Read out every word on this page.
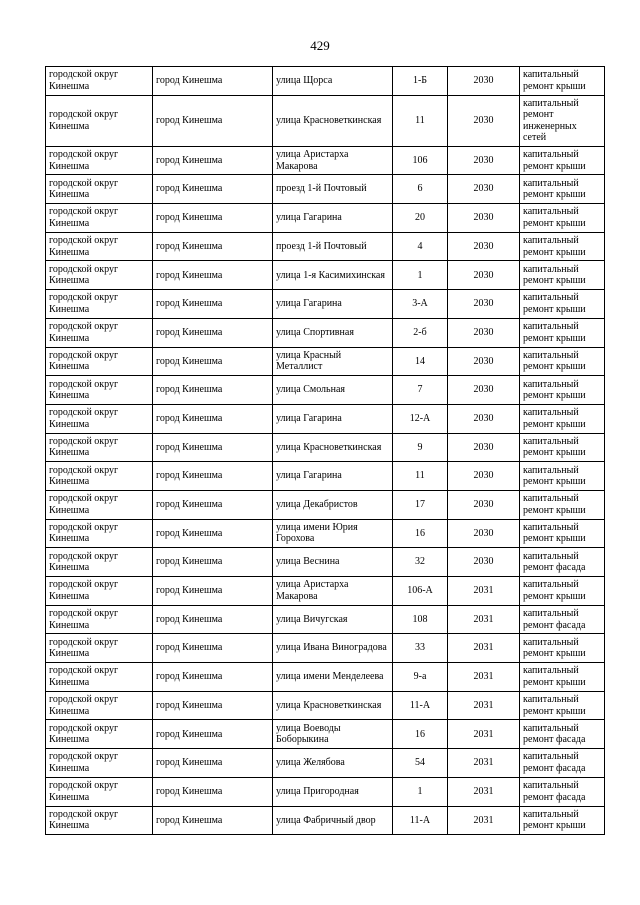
429
городской округ Кинешма	город Кинешма	улица Щорса	1-Б	2030	капитальный ремонт крыши
городской округ Кинешма	город Кинешма	улица Красноветкинская	11	2030	капитальный ремонт инженерных сетей
городской округ Кинешма	город Кинешма	улица Аристарха Макарова	106	2030	капитальный ремонт крыши
городской округ Кинешма	город Кинешма	проезд 1-й Почтовый	6	2030	капитальный ремонт крыши
городской округ Кинешма	город Кинешма	улица Гагарина	20	2030	капитальный ремонт крыши
городской округ Кинешма	город Кинешма	проезд 1-й Почтовый	4	2030	капитальный ремонт крыши
городской округ Кинешма	город Кинешма	улица 1-я Касимихинская	1	2030	капитальный ремонт крыши
городской округ Кинешма	город Кинешма	улица Гагарина	3-А	2030	капитальный ремонт крыши
городской округ Кинешма	город Кинешма	улица Спортивная	2-б	2030	капитальный ремонт крыши
городской округ Кинешма	город Кинешма	улица Красный Металлист	14	2030	капитальный ремонт крыши
городской округ Кинешма	город Кинешма	улица Смольная	7	2030	капитальный ремонт крыши
городской округ Кинешма	город Кинешма	улица Гагарина	12-А	2030	капитальный ремонт крыши
городской округ Кинешма	город Кинешма	улица Красноветкинская	9	2030	капитальный ремонт крыши
городской округ Кинешма	город Кинешма	улица Гагарина	11	2030	капитальный ремонт крыши
городской округ Кинешма	город Кинешма	улица Декабристов	17	2030	капитальный ремонт крыши
городской округ Кинешма	город Кинешма	улица имени Юрия Горохова	16	2030	капитальный ремонт крыши
городской округ Кинешма	город Кинешма	улица Веснина	32	2030	капитальный ремонт фасада
городской округ Кинешма	город Кинешма	улица Аристарха Макарова	106-А	2031	капитальный ремонт крыши
городской округ Кинешма	город Кинешма	улица Вичугская	108	2031	капитальный ремонт фасада
городской округ Кинешма	город Кинешма	улица Ивана Виноградова	33	2031	капитальный ремонт крыши
городской округ Кинешма	город Кинешма	улица имени Менделеева	9-а	2031	капитальный ремонт крыши
городской округ Кинешма	город Кинешма	улица Красноветкинская	11-А	2031	капитальный ремонт крыши
городской округ Кинешма	город Кинешма	улица Воеводы Боборыкина	16	2031	капитальный ремонт фасада
городской округ Кинешма	город Кинешма	улица Желябова	54	2031	капитальный ремонт фасада
городской округ Кинешма	город Кинешма	улица Пригородная	1	2031	капитальный ремонт фасада
городской округ Кинешма	город Кинешма	улица Фабричный двор	11-А	2031	капитальный ремонт крыши
